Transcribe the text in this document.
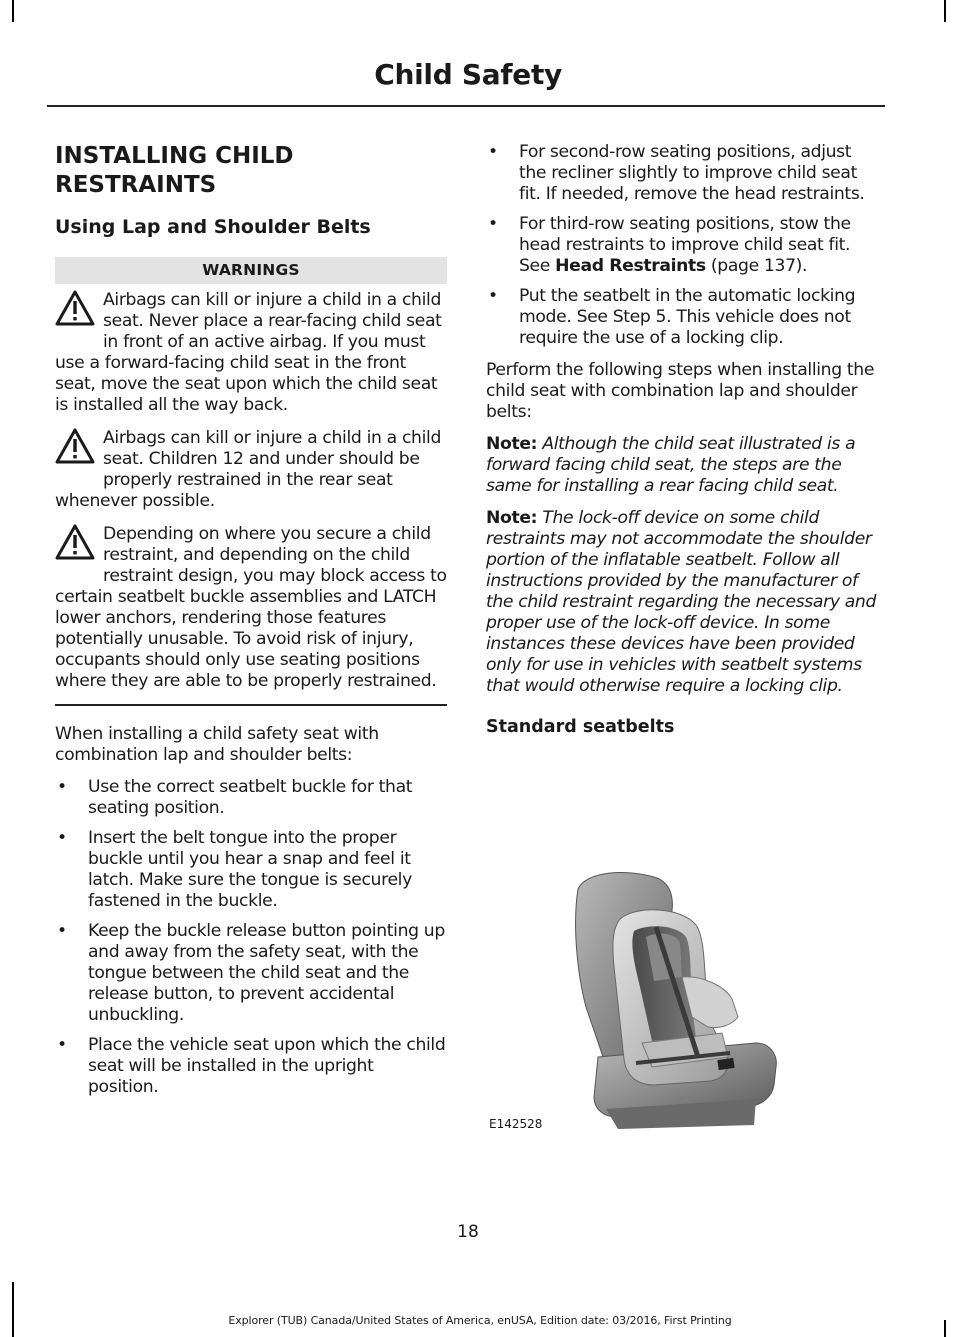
Child Safety
INSTALLING CHILD RESTRAINTS
Using Lap and Shoulder Belts
WARNINGS
Airbags can kill or injure a child in a child seat. Never place a rear-facing child seat in front of an active airbag. If you must use a forward-facing child seat in the front seat, move the seat upon which the child seat is installed all the way back.
Airbags can kill or injure a child in a child seat. Children 12 and under should be properly restrained in the rear seat whenever possible.
Depending on where you secure a child restraint, and depending on the child restraint design, you may block access to certain seatbelt buckle assemblies and LATCH lower anchors, rendering those features potentially unusable. To avoid risk of injury, occupants should only use seating positions where they are able to be properly restrained.

When installing a child safety seat with combination lap and shoulder belts:

• Use the correct seatbelt buckle for that seating position.
• Insert the belt tongue into the proper buckle until you hear a snap and feel it latch. Make sure the tongue is securely fastened in the buckle.
• Keep the buckle release button pointing up and away from the safety seat, with the tongue between the child seat and the release button, to prevent accidental unbuckling.
• Place the vehicle seat upon which the child seat will be installed in the upright position.
• For second-row seating positions, adjust the recliner slightly to improve child seat fit. If needed, remove the head restraints.
• For third-row seating positions, stow the head restraints to improve child seat fit. See Head Restraints (page 137).
• Put the seatbelt in the automatic locking mode. See Step 5. This vehicle does not require the use of a locking clip.

Perform the following steps when installing the child seat with combination lap and shoulder belts:

Note: Although the child seat illustrated is a forward facing child seat, the steps are the same for installing a rear facing child seat.

Note: The lock-off device on some child restraints may not accommodate the shoulder portion of the inflatable seatbelt. Follow all instructions provided by the manufacturer of the child restraint regarding the necessary and proper use of the lock-off device. In some instances these devices have been provided only for use in vehicles with seatbelt systems that would otherwise require a locking clip.

Standard seatbelts
E142528
18
Explorer (TUB) Canada/United States of America, enUSA, Edition date: 03/2016, First Printing
